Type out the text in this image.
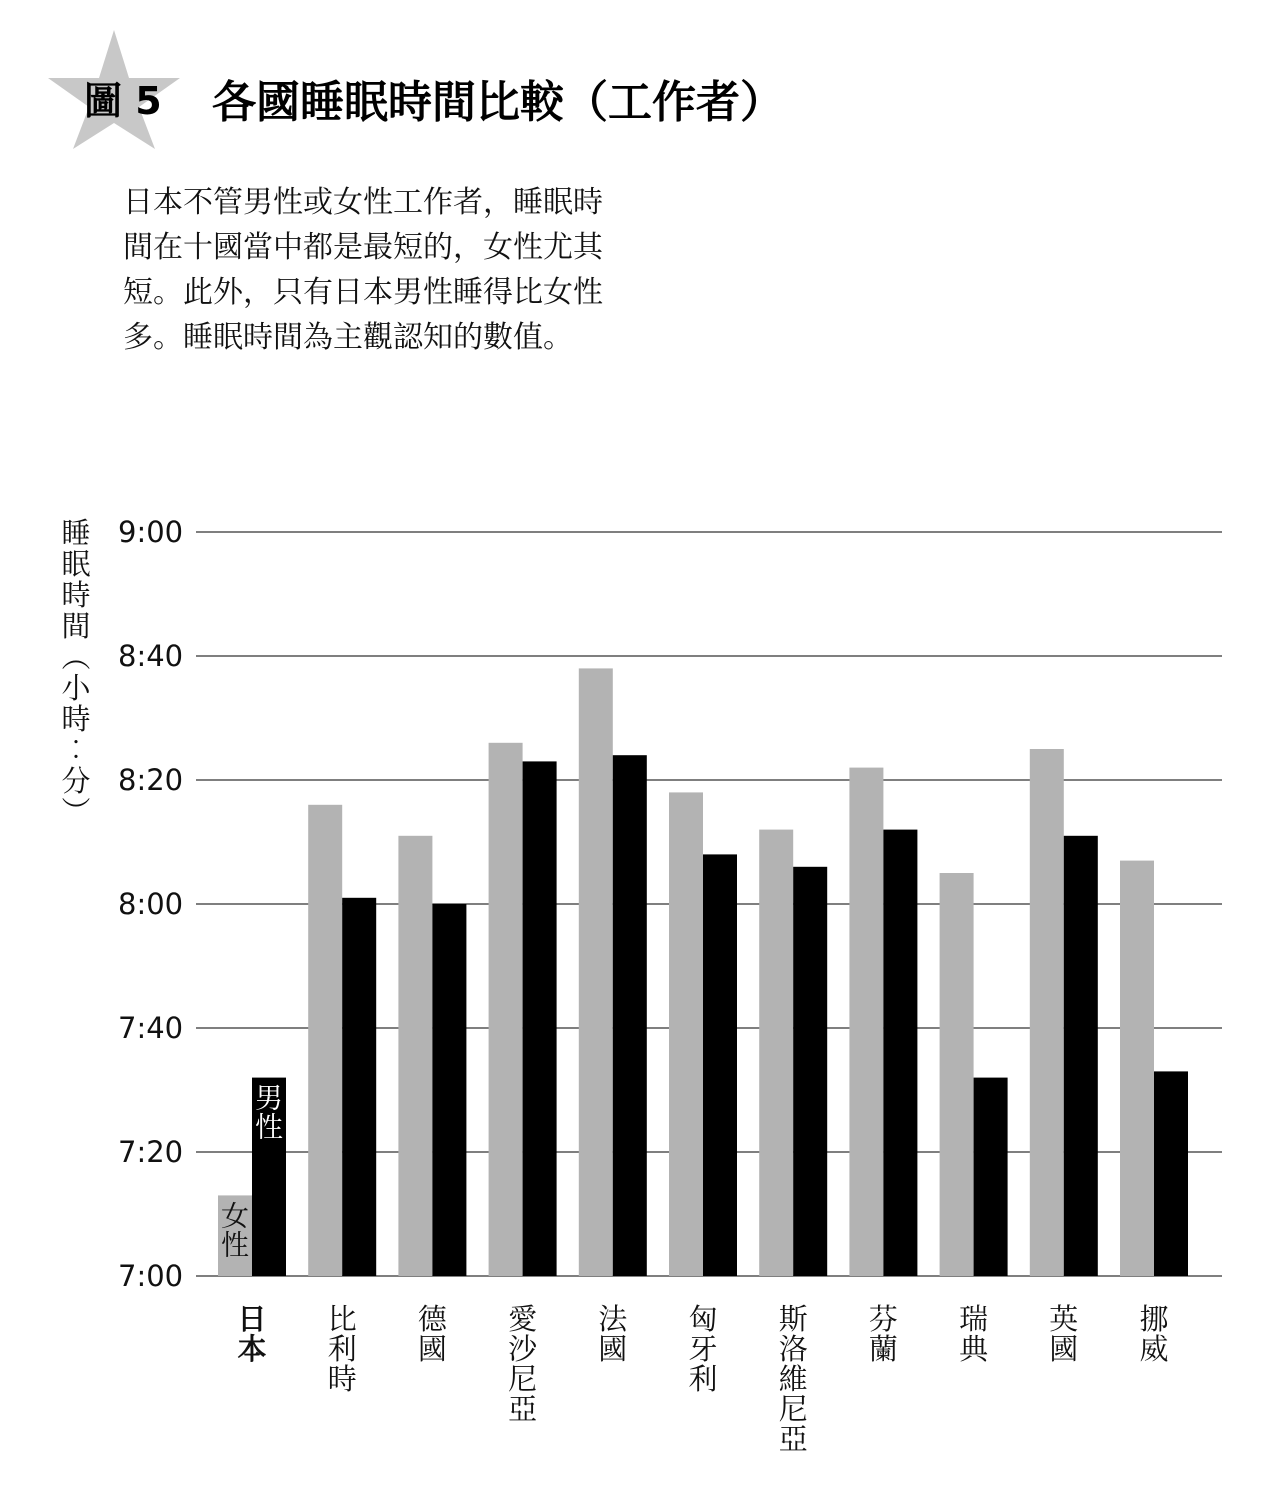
圖 5 各國睡眠時間比較（工作者）
日本不管男性或女性工作者，睡眠時
間在十國當中都是最短的，女性尤其
短。此外，只有日本男性睡得比女性
多。睡眠時間為主觀認知的數值。
睡
眠
時
間
︵
小
時
︰
分
︶
7:00
7:20
7:40
8:00
8:20
8:40
9:00
日本
比利時
德國
愛沙尼亞
法國
匈牙利
斯洛維尼亞
芬蘭
瑞典
英國
挪威
女性
男性
